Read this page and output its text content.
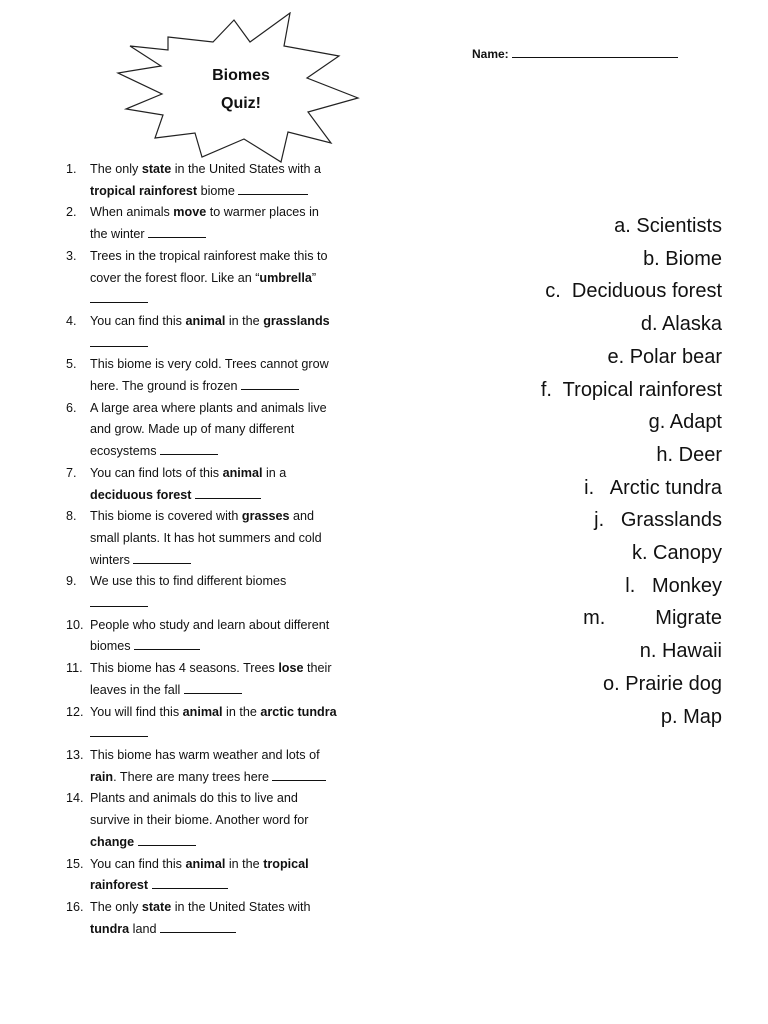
Biomes
Quiz!
Name:
1. The only state in the United States with a
tropical rainforest biome
2. When animals move to warmer places in
the winter
3. Trees in the tropical rainforest make this to
cover the forest floor. Like an “umbrella”
4. You can find this animal in the grasslands
5. This biome is very cold. Trees cannot grow
here. The ground is frozen
6. A large area where plants and animals live
and grow. Made up of many different
ecosystems
7. You can find lots of this animal in a
deciduous forest
8. This biome is covered with grasses and
small plants. It has hot summers and cold
winters
9. We use this to find different biomes
10. People who study and learn about different
biomes
11. This biome has 4 seasons. Trees lose their
leaves in the fall
12. You will find this animal in the arctic tundra
13. This biome has warm weather and lots of
rain. There are many trees here
14. Plants and animals do this to live and
survive in their biome. Another word for
change
15. You can find this animal in the tropical
rainforest
16. The only state in the United States with
tundra land
a. Scientists
b. Biome
c.  Deciduous forest
d. Alaska
e. Polar bear
f.  Tropical rainforest
g. Adapt
h. Deer
i.   Arctic tundra
j.   Grasslands
k. Canopy
l.   Monkey
m.         Migrate
n. Hawaii
o. Prairie dog
p. Map
